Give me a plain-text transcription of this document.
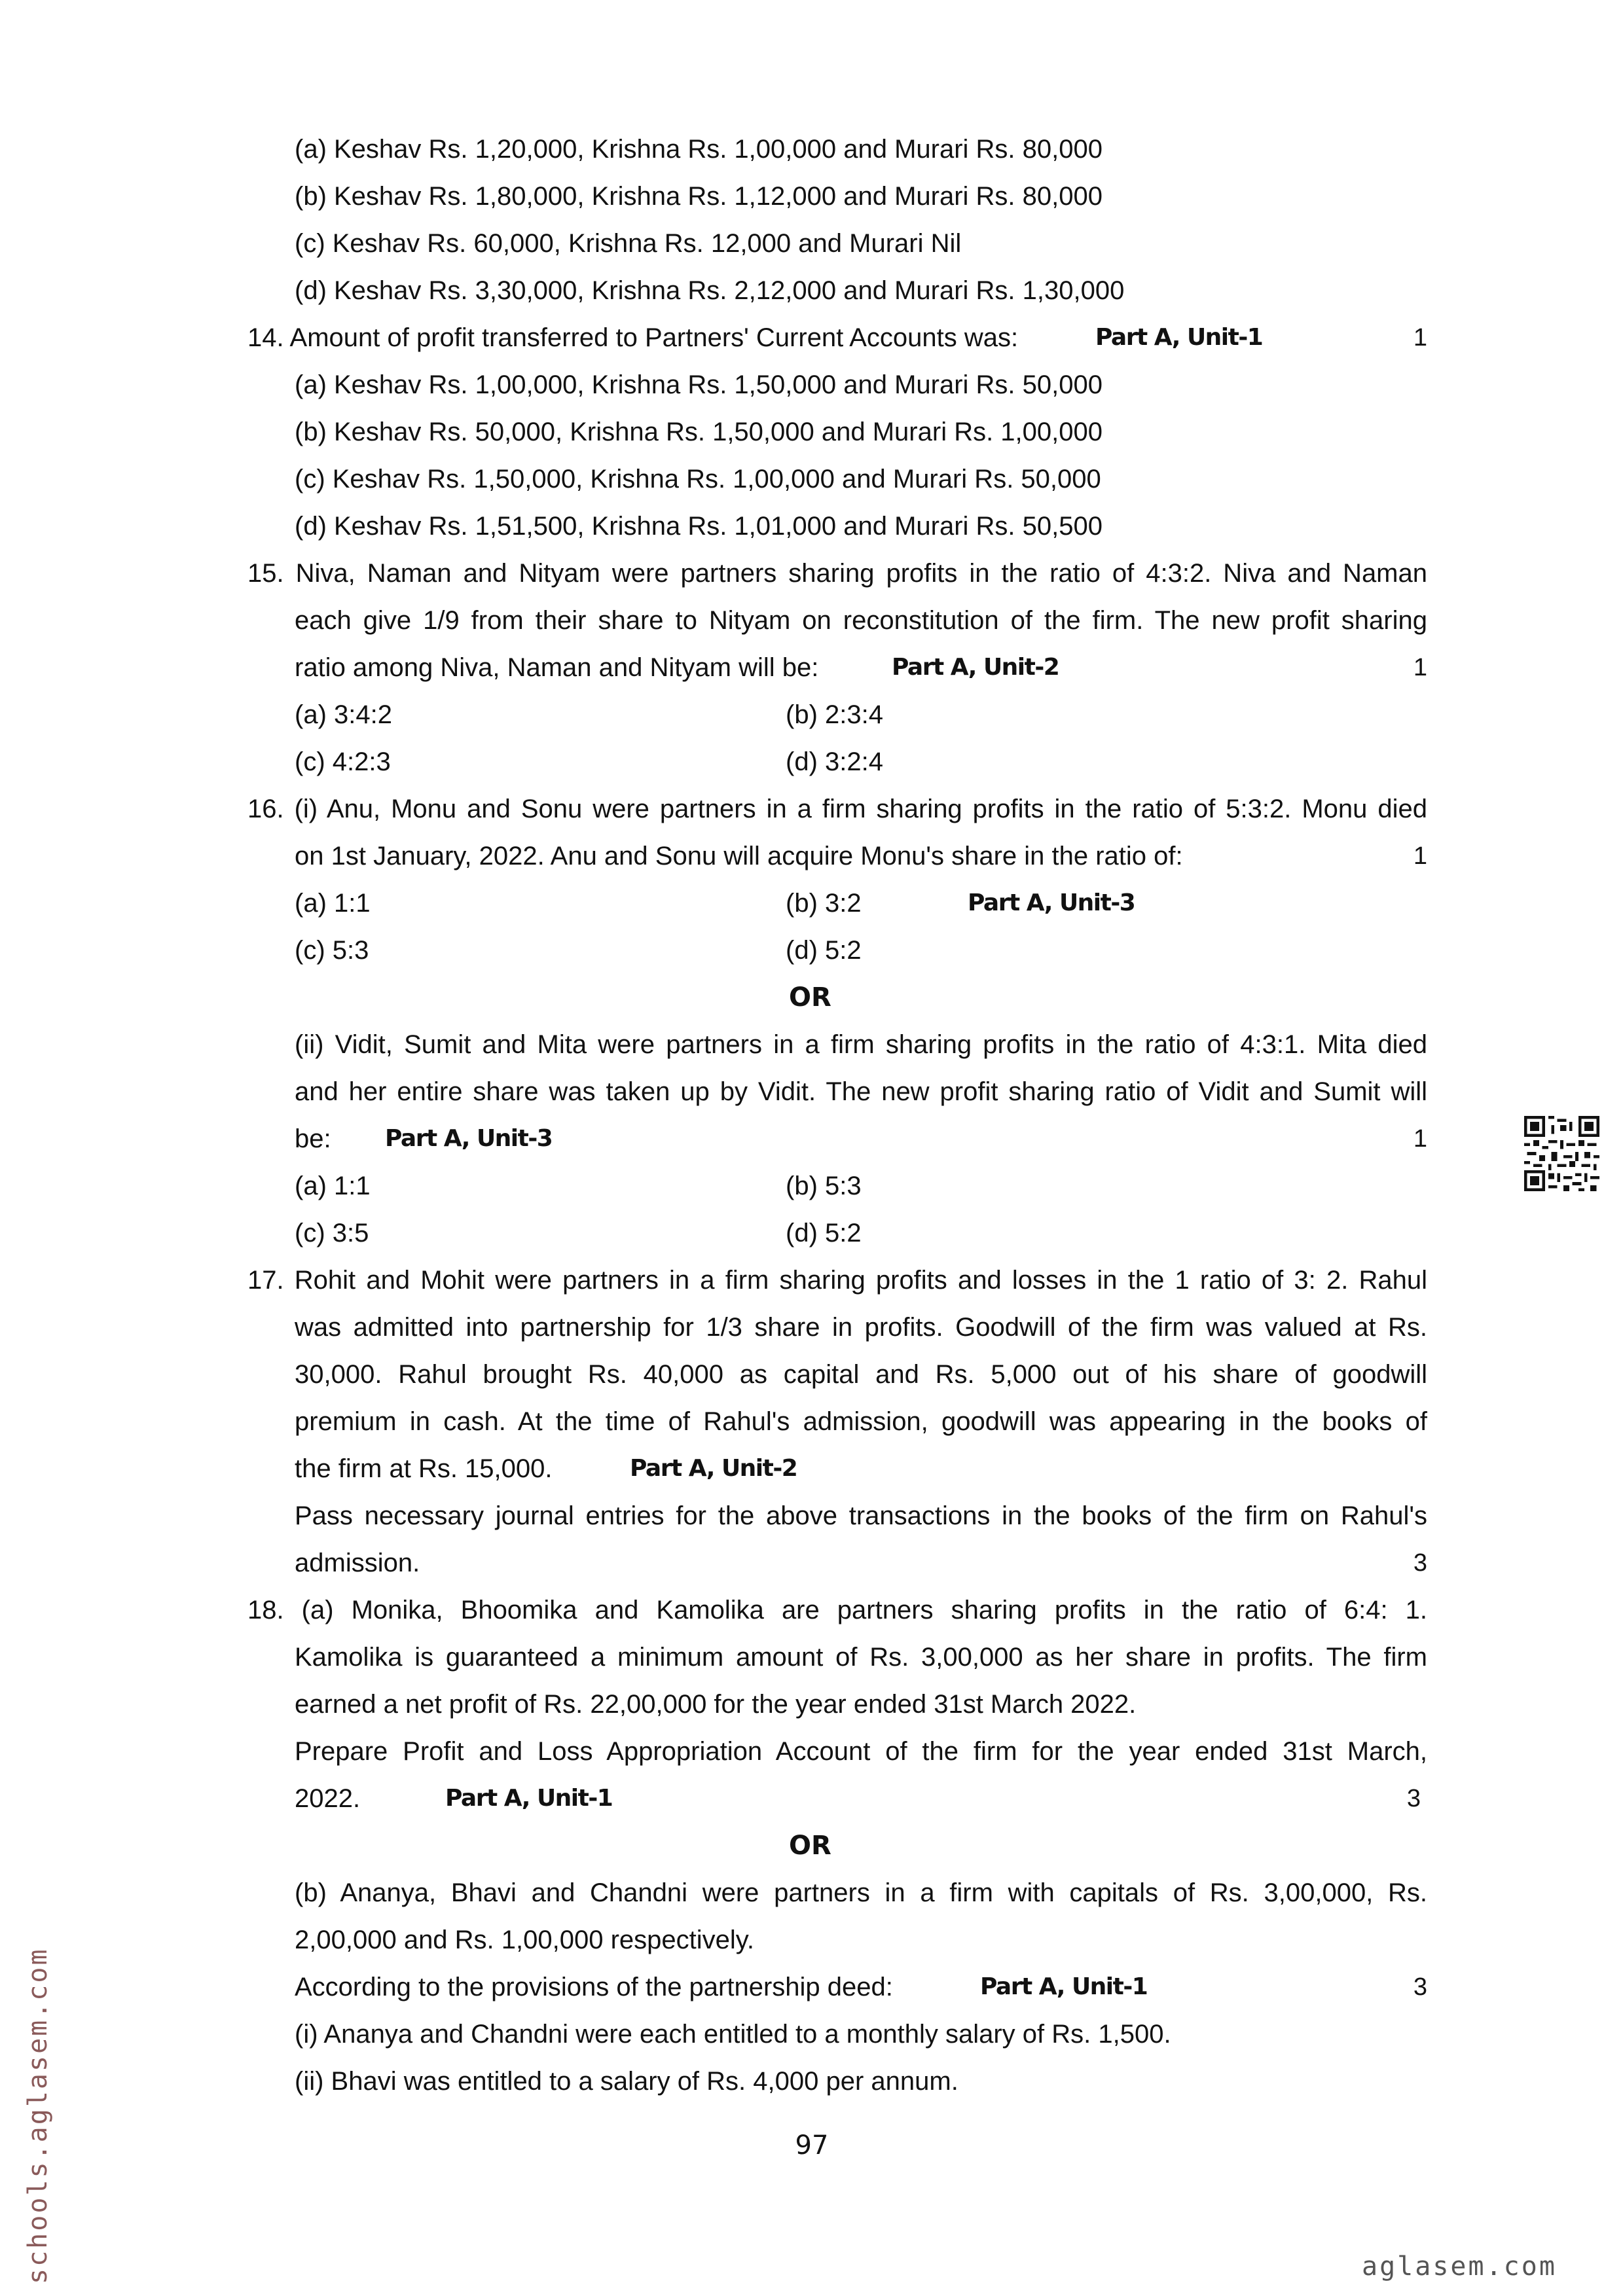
(a) Keshav Rs. 1,20,000, Krishna Rs. 1,00,000 and Murari Rs. 80,000
(b) Keshav Rs. 1,80,000, Krishna Rs. 1,12,000 and Murari Rs. 80,000
(c) Keshav Rs. 60,000, Krishna Rs. 12,000 and Murari Nil
(d) Keshav Rs. 3,30,000, Krishna Rs. 2,12,000 and Murari Rs. 1,30,000
14. Amount of profit transferred to Partners' Current Accounts was:	Part A, Unit-1	1
(a) Keshav Rs. 1,00,000, Krishna Rs. 1,50,000 and Murari Rs. 50,000
(b) Keshav Rs. 50,000, Krishna Rs. 1,50,000 and Murari Rs. 1,00,000
(c) Keshav Rs. 1,50,000, Krishna Rs. 1,00,000 and Murari Rs. 50,000
(d) Keshav Rs. 1,51,500, Krishna Rs. 1,01,000 and Murari Rs. 50,500
15. Niva, Naman and Nityam were partners sharing profits in the ratio of 4:3:2. Niva and Naman
each give 1/9 from their share to Nityam on reconstitution of the firm. The new profit sharing
ratio among Niva, Naman and Nityam will be:	Part A, Unit-2	1
(a) 3:4:2	(b) 2:3:4
(c) 4:2:3	(d) 3:2:4
16. (i) Anu, Monu and Sonu were partners in a firm sharing profits in the ratio of 5:3:2. Monu died
on 1st January, 2022. Anu and Sonu will acquire Monu's share in the ratio of:	1
(a) 1:1	(b) 3:2	Part A, Unit-3
(c) 5:3	(d) 5:2
OR
(ii) Vidit, Sumit and Mita were partners in a firm sharing profits in the ratio of 4:3:1. Mita died
and her entire share was taken up by Vidit. The new profit sharing ratio of Vidit and Sumit will
be: Part A, Unit-3	1
(a) 1:1	(b) 5:3
(c) 3:5	(d) 5:2
17. Rohit and Mohit were partners in a firm sharing profits and losses in the 1 ratio of 3: 2. Rahul
was admitted into partnership for 1/3 share in profits. Goodwill of the firm was valued at Rs.
30,000. Rahul brought Rs. 40,000 as capital and Rs. 5,000 out of his share of goodwill
premium in cash. At the time of Rahul's admission, goodwill was appearing in the books of
the firm at Rs. 15,000.	Part A, Unit-2
Pass necessary journal entries for the above transactions in the books of the firm on Rahul's
admission.	3
18. (a) Monika, Bhoomika and Kamolika are partners sharing profits in the ratio of 6:4: 1.
Kamolika is guaranteed a minimum amount of Rs. 3,00,000 as her share in profits. The firm
earned a net profit of Rs. 22,00,000 for the year ended 31st March 2022.
Prepare Profit and Loss Appropriation Account of the firm for the year ended 31st March,
2022.	Part A, Unit-1	3
OR
(b) Ananya, Bhavi and Chandni were partners in a firm with capitals of Rs. 3,00,000, Rs.
2,00,000 and Rs. 1,00,000 respectively.
According to the provisions of the partnership deed:	Part A, Unit-1	3
(i) Ananya and Chandni were each entitled to a monthly salary of Rs. 1,500.
(ii) Bhavi was entitled to a salary of Rs. 4,000 per annum.
97
schools.aglasem.com	aglasem.com
